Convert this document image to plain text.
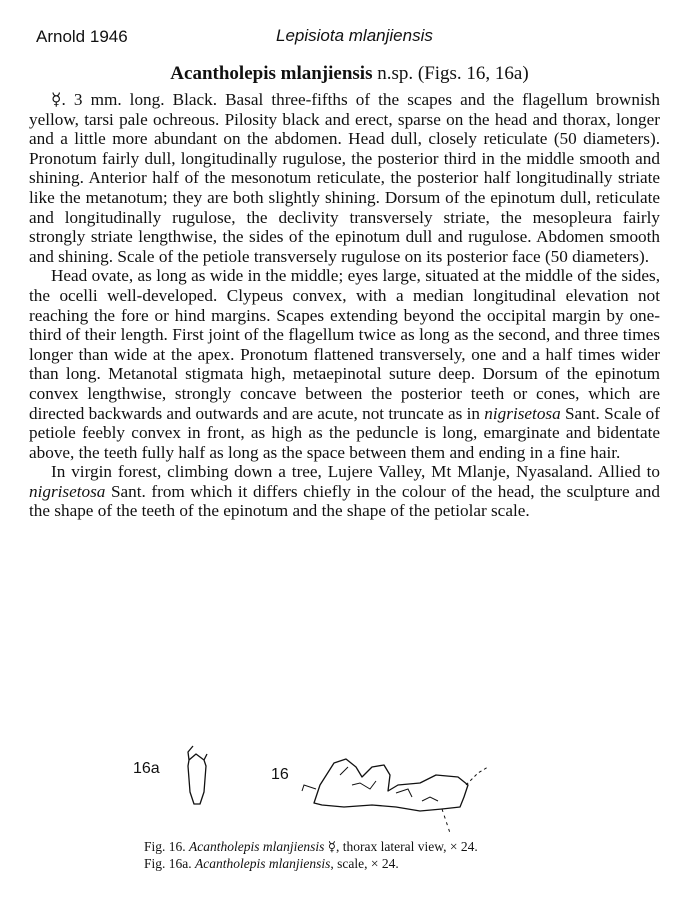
Arnold 1946	Lepisiota mlanjiensis
Acantholepis mlanjiensis n.sp. (Figs. 16, 16a)

☿. 3 mm. long. Black. Basal three-fifths of the scapes and the flagellum brownish yellow, tarsi pale ochreous. Pilosity black and erect, sparse on the head and thorax, longer and a little more abundant on the abdomen. Head dull, closely reticulate (50 diameters). Pronotum fairly dull, longitudinally rugulose, the posterior third in the middle smooth and shining. Anterior half of the mesonotum reticulate, the posterior half longitudinally striate like the metanotum; they are both slightly shining. Dorsum of the epinotum dull, reticulate and longitudinally rugulose, the declivity transversely striate, the mesopleura fairly strongly striate lengthwise, the sides of the epinotum dull and rugulose. Abdomen smooth and shining. Scale of the petiole transversely rugulose on its posterior face (50 diameters).

Head ovate, as long as wide in the middle; eyes large, situated at the middle of the sides, the ocelli well-developed. Clypeus convex, with a median longitudinal elevation not reaching the fore or hind margins. Scapes extending beyond the occipital margin by one-third of their length. First joint of the flagellum twice as long as the second, and three times longer than wide at the apex. Pronotum flattened transversely, one and a half times wider than long. Metanotal stigmata high, metaepinotal suture deep. Dorsum of the epinotum convex lengthwise, strongly concave between the posterior teeth or cones, which are directed backwards and outwards and are acute, not truncate as in nigrisetosa Sant. Scale of petiole feebly convex in front, as high as the peduncle is long, emarginate and bidentate above, the teeth fully half as long as the space between them and ending in a fine hair.

In virgin forest, climbing down a tree, Lujere Valley, Mt Mlanje, Nyasaland. Allied to nigrisetosa Sant. from which it differs chiefly in the colour of the head, the sculpture and the shape of the teeth of the epinotum and the shape of the petiolar scale.

16a	16
Fig. 16. Acantholepis mlanjiensis ☿, thorax lateral view, × 24.
Fig. 16a. Acantholepis mlanjiensis, scale, × 24.
